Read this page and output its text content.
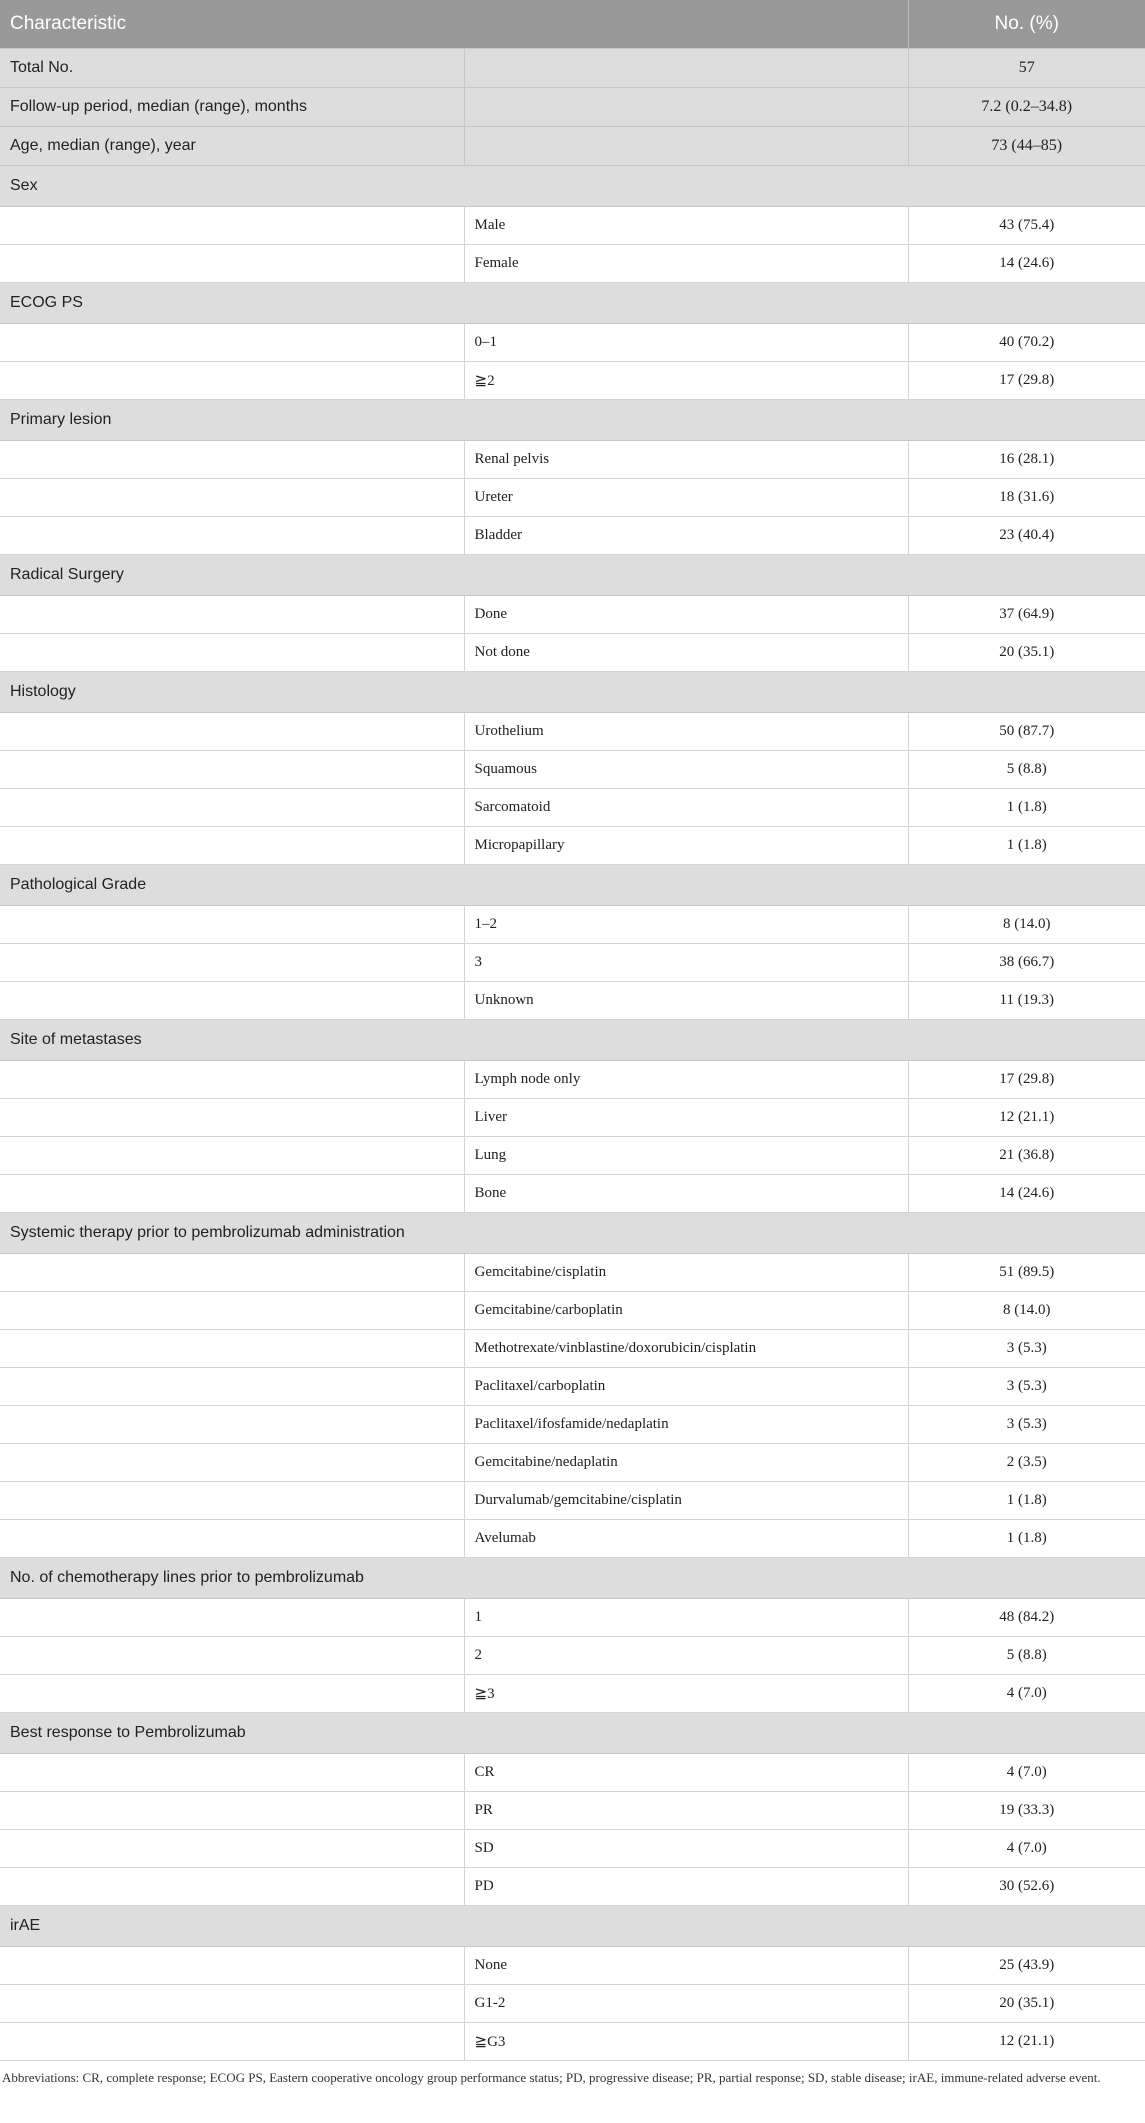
Characteristic		No. (%)
Total No.		57
Follow-up period, median (range), months		7.2 (0.2–34.8)
Age, median (range), year		73 (44–85)
Sex		
	Male	43 (75.4)
	Female	14 (24.6)
ECOG PS		
	0–1	40 (70.2)
	≧2	17 (29.8)
Primary lesion		
	Renal pelvis	16 (28.1)
	Ureter	18 (31.6)
	Bladder	23 (40.4)
Radical Surgery		
	Done	37 (64.9)
	Not done	20 (35.1)
Histology		
	Urothelium	50 (87.7)
	Squamous	5 (8.8)
	Sarcomatoid	1 (1.8)
	Micropapillary	1 (1.8)
Pathological Grade		
	1–2	8 (14.0)
	3	38 (66.7)
	Unknown	11 (19.3)
Site of metastases		
	Lymph node only	17 (29.8)
	Liver	12 (21.1)
	Lung	21 (36.8)
	Bone	14 (24.6)
Systemic therapy prior to pembrolizumab administration		
	Gemcitabine/cisplatin	51 (89.5)
	Gemcitabine/carboplatin	8 (14.0)
	Methotrexate/vinblastine/doxorubicin/cisplatin	3 (5.3)
	Paclitaxel/carboplatin	3 (5.3)
	Paclitaxel/ifosfamide/nedaplatin	3 (5.3)
	Gemcitabine/nedaplatin	2 (3.5)
	Durvalumab/gemcitabine/cisplatin	1 (1.8)
	Avelumab	1 (1.8)
No. of chemotherapy lines prior to pembrolizumab		
	1	48 (84.2)
	2	5 (8.8)
	≧3	4 (7.0)
Best response to Pembrolizumab		
	CR	4 (7.0)
	PR	19 (33.3)
	SD	4 (7.0)
	PD	30 (52.6)
irAE		
	None	25 (43.9)
	G1-2	20 (35.1)
	≧G3	12 (21.1)
Abbreviations: CR, complete response; ECOG PS, Eastern cooperative oncology group performance status; PD, progressive disease; PR, partial response; SD, stable disease; irAE, immune-related adverse event.
